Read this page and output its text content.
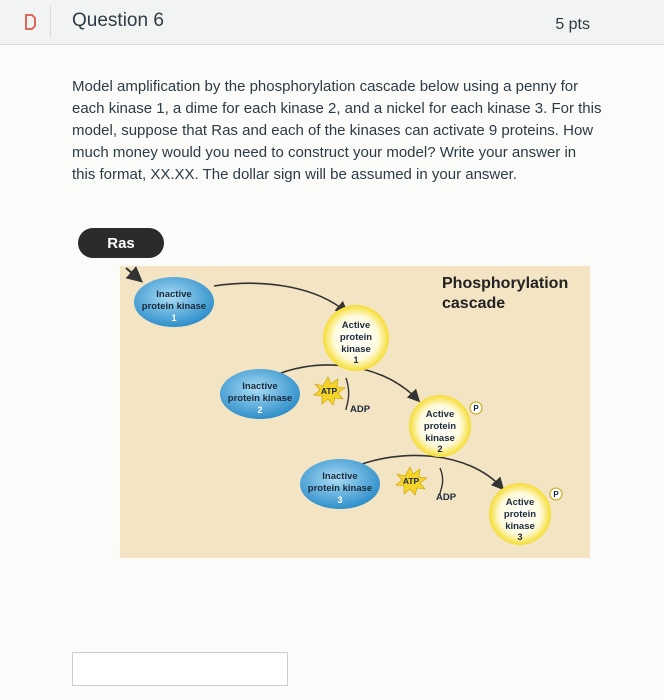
Question 6	5 pts
Model amplification by the phosphorylation cascade below using a penny for each kinase 1, a dime for each kinase 2, and a nickel for each kinase 3. For this model, suppose that Ras and each of the kinases can activate 9 proteins. How much money would you need to construct your model? Write your answer in this format, XX.XX. The dollar sign will be assumed in your answer.
Ras
Phosphorylation
cascade
Inactive
protein kinase
1
Active
protein
kinase
1
Inactive
protein kinase
2
ATP
ADP	Active
protein
kinase
2
P
Inactive
protein kinase
3
ATP
ADP	Active
protein
kinase
3
P
